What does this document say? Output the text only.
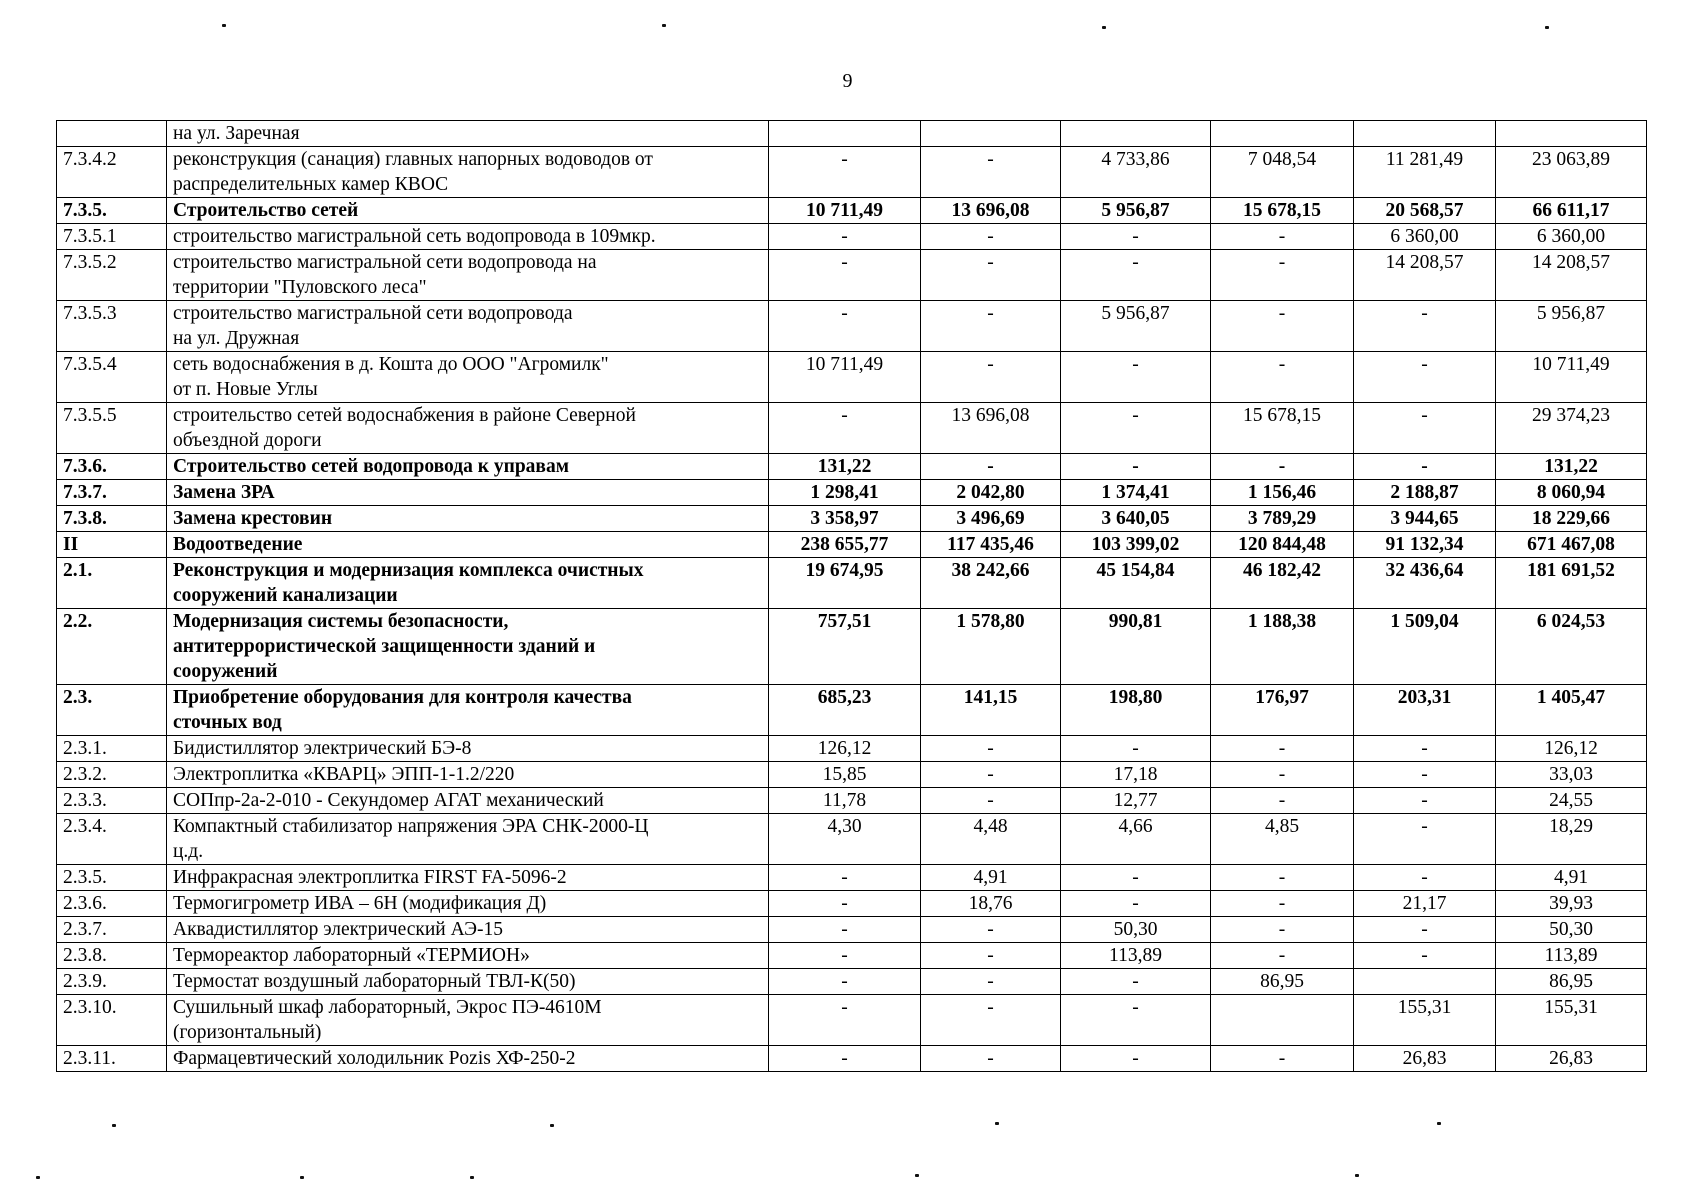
9
	на ул. Заречная						
7.3.4.2	реконструкция (санация) главных напорных водоводов от
распределительных камер КВОС	-	-	4 733,86	7 048,54	11 281,49	23 063,89
7.3.5.	Строительство сетей	10 711,49	13 696,08	5 956,87	15 678,15	20 568,57	66 611,17
7.3.5.1	строительство магистральной сеть водопровода в 109мкр.	-	-	-	-	6 360,00	6 360,00
7.3.5.2	строительство магистральной сети водопровода на
территории "Пуловского леса"	-	-	-	-	14 208,57	14 208,57
7.3.5.3	строительство магистральной сети водопровода
на ул. Дружная	-	-	5 956,87	-	-	5 956,87
7.3.5.4	сеть водоснабжения в д. Кошта до ООО "Агромилк"
от п. Новые Углы	10 711,49	-	-	-	-	10 711,49
7.3.5.5	строительство сетей водоснабжения в районе Северной
объездной дороги	-	13 696,08	-	15 678,15	-	29 374,23
7.3.6.	Строительство сетей водопровода к управам	131,22	-	-	-	-	131,22
7.3.7.	Замена ЗРА	1 298,41	2 042,80	1 374,41	1 156,46	2 188,87	8 060,94
7.3.8.	Замена крестовин	3 358,97	3 496,69	3 640,05	3 789,29	3 944,65	18 229,66
II	Водоотведение	238 655,77	117 435,46	103 399,02	120 844,48	91 132,34	671 467,08
2.1.	Реконструкция и модернизация комплекса очистных
сооружений канализации	19 674,95	38 242,66	45 154,84	46 182,42	32 436,64	181 691,52
2.2.	Модернизация системы безопасности,
антитеррористической защищенности зданий и
сооружений	757,51	1 578,80	990,81	1 188,38	1 509,04	6 024,53
2.3.	Приобретение оборудования для контроля качества
сточных вод	685,23	141,15	198,80	176,97	203,31	1 405,47
2.3.1.	Бидистиллятор электрический БЭ-8	126,12	-	-	-	-	126,12
2.3.2.	Электроплитка «КВАРЦ» ЭПП-1-1.2/220	15,85	-	17,18	-	-	33,03
2.3.3.	СОПпр-2а-2-010 - Секундомер АГАТ механический	11,78	-	12,77	-	-	24,55
2.3.4.	Компактный стабилизатор напряжения ЭРА СНК-2000-Ц
ц.д.	4,30	4,48	4,66	4,85	-	18,29
2.3.5.	Инфракрасная электроплитка FIRST FA-5096-2	-	4,91	-	-	-	4,91
2.3.6.	Термогигрометр ИВА – 6Н (модификация Д)	-	18,76	-	-	21,17	39,93
2.3.7.	Аквадистиллятор электрический АЭ-15	-	-	50,30	-	-	50,30
2.3.8.	Термореактор лабораторный «ТЕРМИОН»	-	-	113,89	-	-	113,89
2.3.9.	Термостат воздушный лабораторный ТВЛ-К(50)	-	-	-	86,95		86,95
2.3.10.	Сушильный шкаф лабораторный, Экрос ПЭ-4610М
(горизонтальный)	-	-	-		155,31	155,31
2.3.11.	Фармацевтический холодильник Pozis ХФ-250-2	-	-	-	-	26,83	26,83
